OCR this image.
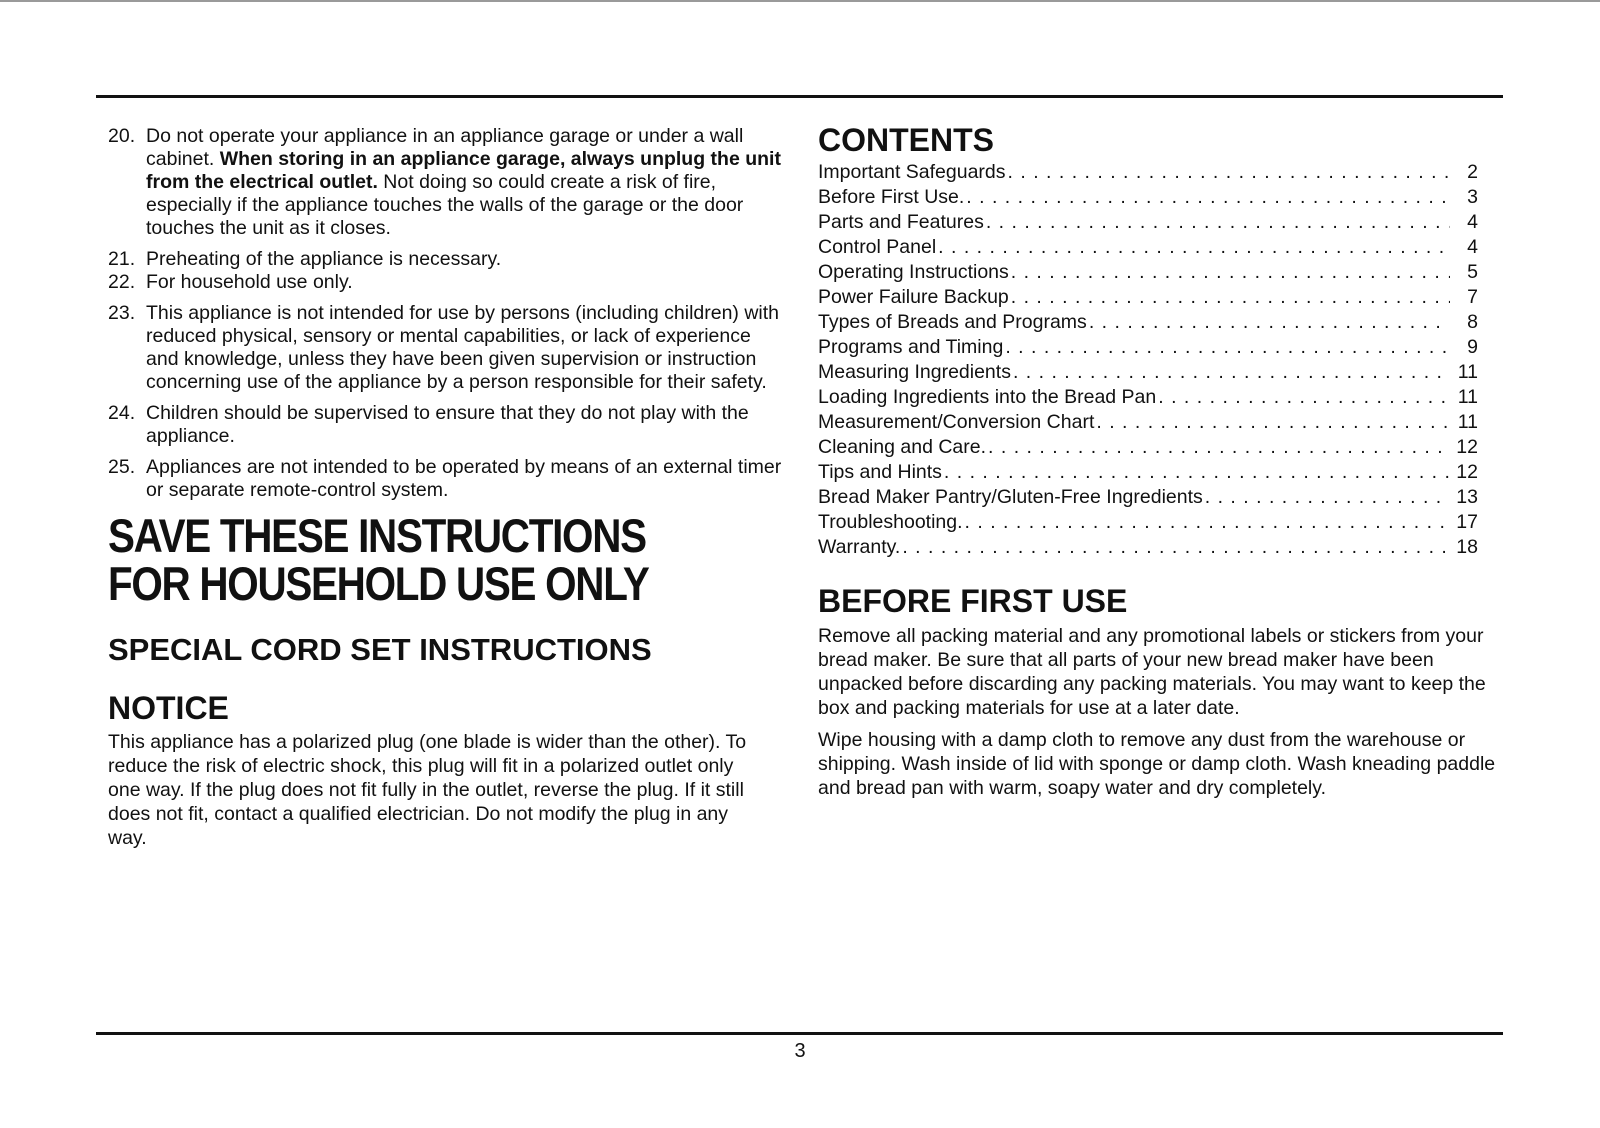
20. Do not operate your appliance in an appliance garage or under a wall cabinet. When storing in an appliance garage, always unplug the unit from the electrical outlet. Not doing so could create a risk of fire, especially if the appliance touches the walls of the garage or the door touches the unit as it closes.
21. Preheating of the appliance is necessary.
22. For household use only.
23. This appliance is not intended for use by persons (including children) with reduced physical, sensory or mental capabilities, or lack of experience and knowledge, unless they have been given supervision or instruction concerning use of the appliance by a person responsible for their safety.
24. Children should be supervised to ensure that they do not play with the appliance.
25. Appliances are not intended to be operated by means of an external timer or separate remote-control system.
SAVE THESE INSTRUCTIONS
FOR HOUSEHOLD USE ONLY
SPECIAL CORD SET INSTRUCTIONS
NOTICE

This appliance has a polarized plug (one blade is wider than the other). To reduce the risk of electric shock, this plug will fit in a polarized outlet only one way. If the plug does not fit fully in the outlet, reverse the plug. If it still does not fit, contact a qualified electrician. Do not modify the plug in any way.

CONTENTS
Important Safeguards . . .	2
Before First Use. . . .	3
Parts and Features . . .	4
Control Panel . . .	4
Operating Instructions . . .	5
Power Failure Backup . . .	7
Types of Breads and Programs . . .	8
Programs and Timing . . .	9
Measuring Ingredients . . .	11
Loading Ingredients into the Bread Pan . . .	11
Measurement/Conversion Chart . . .	11
Cleaning and Care. . . .	12
Tips and Hints . . .	12
Bread Maker Pantry/Gluten-Free Ingredients . . .	13
Troubleshooting. . . .	17
Warranty. . . .	18
BEFORE FIRST USE

Remove all packing material and any promotional labels or stickers from your bread maker. Be sure that all parts of your new bread maker have been unpacked before discarding any packing materials. You may want to keep the box and packing materials for use at a later date.

Wipe housing with a damp cloth to remove any dust from the warehouse or shipping. Wash inside of lid with sponge or damp cloth. Wash kneading paddle and bread pan with warm, soapy water and dry completely.

3
